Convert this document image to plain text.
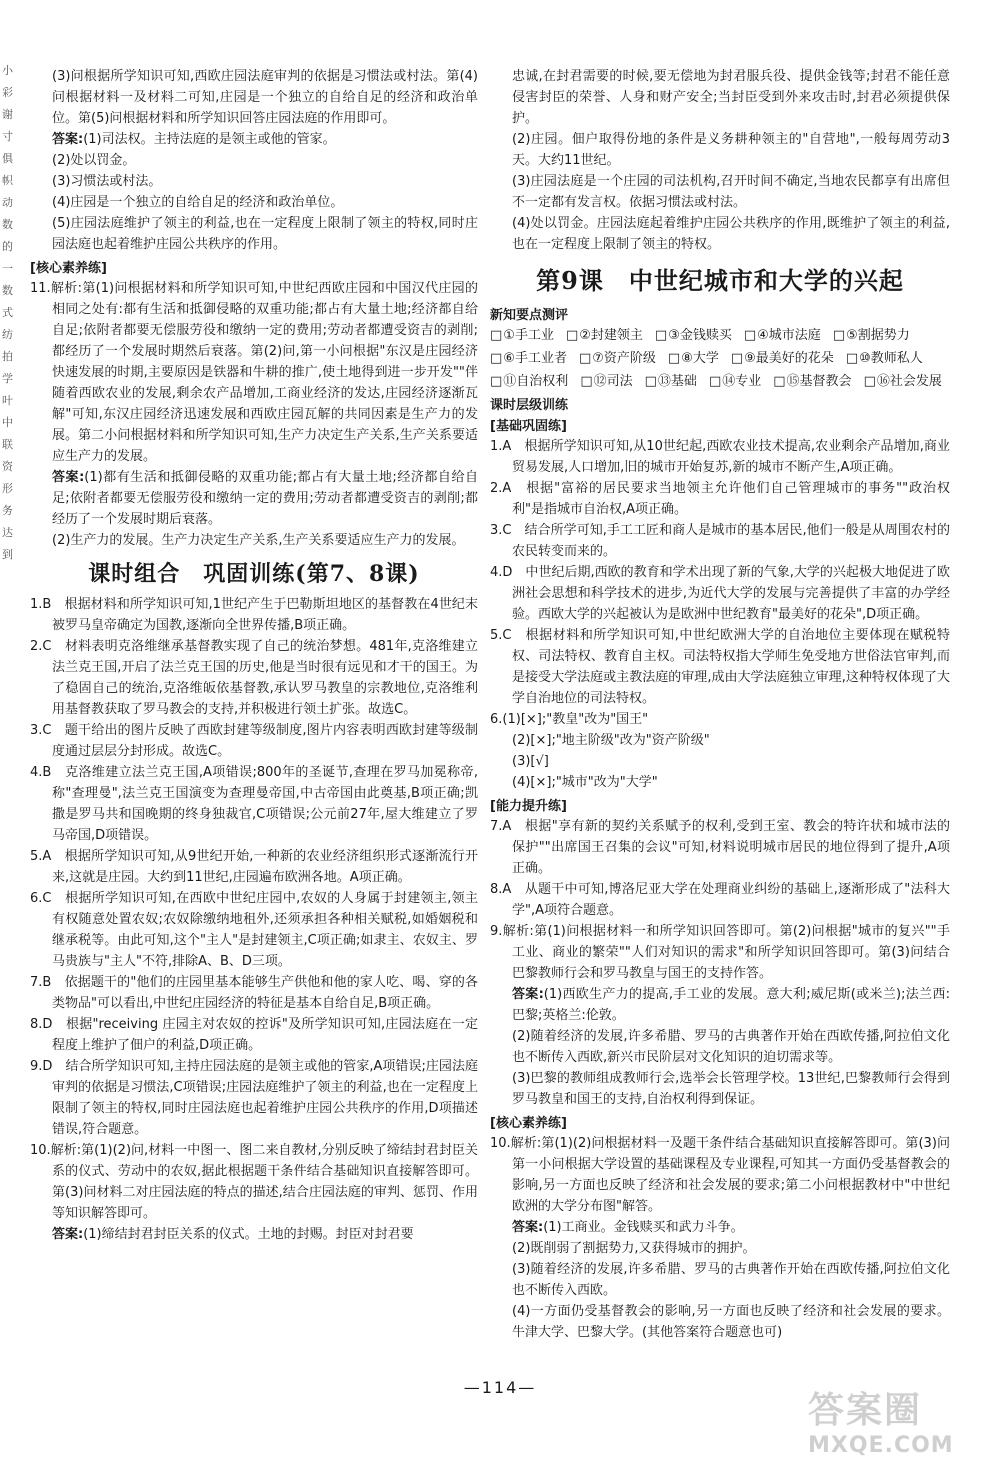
小彩谢寸俱帜动数的一数式纺拍学叶中联资形务达到

(3)问根据所学知识可知,西欧庄园法庭审判的依据是习惯法或村法。第(4)问根据材料一及材料二可知,庄园是一个独立的自给自足的经济和政治单位。第(5)问根据材料和所学知识回答庄园法庭的作用即可。

答案:(1)司法权。主持法庭的是领主或他的管家。

(2)处以罚金。

(3)习惯法或村法。

(4)庄园是一个独立的自给自足的经济和政治单位。

(5)庄园法庭维护了领主的利益,也在一定程度上限制了领主的特权,同时庄园法庭也起着维护庄园公共秩序的作用。

[核心素养练]

11.解析:第(1)问根据材料和所学知识可知,中世纪西欧庄园和中国汉代庄园的相同之处有:都有生活和抵御侵略的双重功能;都占有大量土地;经济都自给自足;依附者都要无偿服劳役和缴纳一定的费用;劳动者都遭受资吉的剥削;都经历了一个发展时期然后衰落。第(2)问,第一小问根据"东汉是庄园经济快速发展的时期,主要原因是铁器和牛耕的推广,使土地得到进一步开发""伴随着西欧农业的发展,剩余农产品增加,工商业经济的发达,庄园经济逐渐瓦解"可知,东汉庄园经济迅速发展和西欧庄园瓦解的共同因素是生产力的发展。第二小问根据材料和所学知识可知,生产力决定生产关系,生产关系要适应生产力的发展。

答案:(1)都有生活和抵御侵略的双重功能;都占有大量土地;经济都自给自足;依附者都要无偿服劳役和缴纳一定的费用;劳动者都遭受资吉的剥削;都经历了一个发展时期后衰落。

(2)生产力的发展。生产力决定生产关系,生产关系要适应生产力的发展。

课时组合　巩固训练(第7、8课)

1.B　根据材料和所学知识可知,1世纪产生于巴勒斯坦地区的基督教在4世纪末被罗马皇帝确定为国教,逐渐向全世界传播,B项正确。

2.C　材料表明克洛维继承基督教实现了自己的统治梦想。481年,克洛维建立法兰克王国,开启了法兰克王国的历史,他是当时很有远见和才干的国王。为了稳固自己的统治,克洛维皈依基督教,承认罗马教皇的宗教地位,克洛维利用基督教获取了罗马教会的支持,并积极进行领土扩张。故选C。

3.C　题干给出的图片反映了西欧封建等级制度,图片内容表明西欧封建等级制度通过层层分封形成。故选C。

4.B　克洛维建立法兰克王国,A项错误;800年的圣诞节,查理在罗马加冕称帝,称"查理曼",法兰克王国演变为查理曼帝国,中古帝国由此奠基,B项正确;凯撒是罗马共和国晚期的终身独裁官,C项错误;公元前27年,屋大维建立了罗马帝国,D项错误。

5.A　根据所学知识可知,从9世纪开始,一种新的农业经济组织形式逐渐流行开来,这就是庄园。大约到11世纪,庄园遍布欧洲各地。A项正确。

6.C　根据所学知识可知,在西欧中世纪庄园中,农奴的人身属于封建领主,领主有权随意处置农奴;农奴除缴纳地租外,还须承担各种相关赋税,如婚姻税和继承税等。由此可知,这个"主人"是封建领主,C项正确;如隶主、农奴主、罗马贵族与"主人"不符,排除A、B、D三项。

7.B　依据题干的"他们的庄园里基本能够生产供他和他的家人吃、喝、穿的各类物品"可以看出,中世纪庄园经济的特征是基本自给自足,B项正确。

8.D　根据"receiving 庄园主对农奴的控诉"及所学知识可知,庄园法庭在一定程度上维护了佃户的利益,D项正确。

9.D　结合所学知识可知,主持庄园法庭的是领主或他的管家,A项错误;庄园法庭审判的依据是习惯法,C项错误;庄园法庭维护了领主的利益,也在一定程度上限制了领主的特权,同时庄园法庭也起着维护庄园公共秩序的作用,D项描述错误,符合题意。

10.解析:第(1)(2)问,材料一中图一、图二来自教材,分别反映了缔结封君封臣关系的仪式、劳动中的农奴,据此根据题干条件结合基础知识直接解答即可。第(3)问材料二对庄园法庭的特点的描述,结合庄园法庭的审判、惩罚、作用等知识解答即可。

答案:(1)缔结封君封臣关系的仪式。土地的封赐。封臣对封君要

忠诚,在封君需要的时候,要无偿地为封君服兵役、提供金钱等;封君不能任意侵害封臣的荣誉、人身和财产安全;当封臣受到外来攻击时,封君必须提供保护。

(2)庄园。佃户取得份地的条件是义务耕种领主的"自营地",一般每周劳动3天。大约11世纪。

(3)庄园法庭是一个庄园的司法机构,召开时间不确定,当地农民都享有出席但不一定都有发言权。依据习惯法或村法。

(4)处以罚金。庄园法庭起着维护庄园公共秩序的作用,既维护了领主的利益,也在一定程度上限制了领主的特权。

第9课　中世纪城市和大学的兴起
新知要点测评
□ ①手工业	□ ②封建领主	□ ③金钱赎买	□ ④城市法庭	□ ⑤割据势力
□ ⑥手工业者	□ ⑦资产阶级	□ ⑧大学	□ ⑨最美好的花朵	□ ⑩教师私人
□ ⑪自治权利	□ ⑫司法	□ ⑬基础	□ ⑭专业	□ ⑮基督教会	□ ⑯社会发展
课时层级训练
[基础巩固练]

1.A　根据所学知识可知,从10世纪起,西欧农业技术提高,农业剩余产品增加,商业贸易发展,人口增加,旧的城市开始复苏,新的城市不断产生,A项正确。

2.A　根据"富裕的居民要求当地领主允许他们自己管理城市的事务""政治权利"是指城市自治权,A项正确。

3.C　结合所学可知,手工工匠和商人是城市的基本居民,他们一般是从周围农村的农民转变而来的。

4.D　中世纪后期,西欧的教育和学术出现了新的气象,大学的兴起极大地促进了欧洲社会思想和科学技术的进步,为近代大学的发展与完善提供了丰富的办学经验。西欧大学的兴起被认为是欧洲中世纪教育"最美好的花朵",D项正确。

5.C　根据材料和所学知识可知,中世纪欧洲大学的自治地位主要体现在赋税特权、司法特权、教育自主权。司法特权指大学师生免受地方世俗法官审判,而是接受大学法庭或主教法庭的审理,成由大学法庭独立审理,这种特权体现了大学自治地位的司法特权。

6.(1)[×];"教皇"改为"国王"

(2)[×];"地主阶级"改为"资产阶级"

(3)[√]

(4)[×];"城市"改为"大学"

[能力提升练]

7.A　根据"享有新的契约关系赋予的权利,受到王室、教会的特许状和城市法的保护""出席国王召集的会议"可知,材料说明城市居民的地位得到了提升,A项正确。

8.A　从题干中可知,博洛尼亚大学在处理商业纠纷的基础上,逐渐形成了"法科大学",A项符合题意。

9.解析:第(1)问根据材料一和所学知识回答即可。第(2)问根据"城市的复兴""手工业、商业的繁荣""人们对知识的需求"和所学知识回答即可。第(3)问结合巴黎教师行会和罗马教皇与国王的支持作答。

答案:(1)西欧生产力的提高,手工业的发展。意大利;威尼斯(或米兰);法兰西:巴黎;英格兰:伦敦。

(2)随着经济的发展,许多希腊、罗马的古典著作开始在西欧传播,阿拉伯文化也不断传入西欧,新兴市民阶层对文化知识的迫切需求等。

(3)巴黎的教师组成教师行会,选举会长管理学校。13世纪,巴黎教师行会得到罗马教皇和国王的支持,自治权利得到保证。

[核心素养练]

10.解析:第(1)(2)问根据材料一及题干条件结合基础知识直接解答即可。第(3)问第一小问根据大学设置的基础课程及专业课程,可知其一方面仍受基督教会的影响,另一方面也反映了经济和社会发展的要求;第二小问根据教材中"中世纪欧洲的大学分布图"解答。

答案:(1)工商业。金钱赎买和武力斗争。

(2)既削弱了割据势力,又获得城市的拥护。

(3)随着经济的发展,许多希腊、罗马的古典著作开始在西欧传播,阿拉伯文化也不断传入西欧。

(4)一方面仍受基督教会的影响,另一方面也反映了经济和社会发展的要求。牛津大学、巴黎大学。(其他答案符合题意也可)

—114—
答案圈
MXQE.COM
